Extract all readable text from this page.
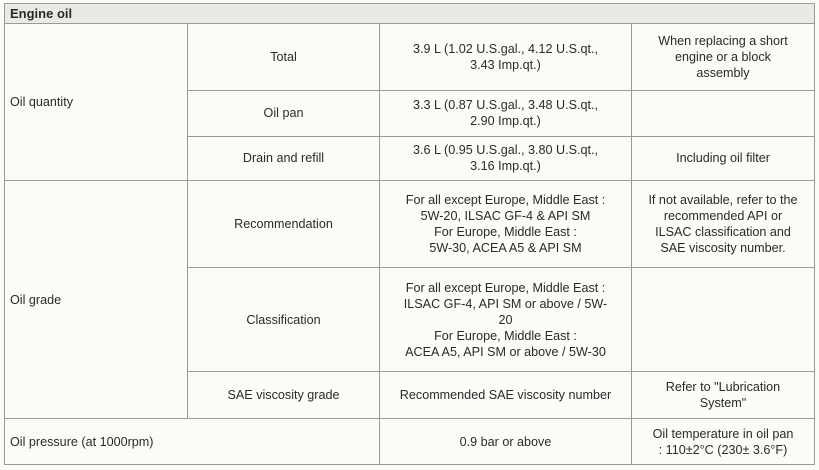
Engine oil			
Oil quantity	Total	3.9 L (1.02 U.S.gal., 4.12 U.S.qt.,
3.43 Imp.qt.)	When replacing a short
engine or a block
assembly

	Oil pan	3.3 L (0.87 U.S.gal., 3.48 U.S.qt.,
2.90 Imp.qt.)	

	Drain and refill	3.6 L (0.95 U.S.gal., 3.80 U.S.qt.,
3.16 Imp.qt.)	Including oil filter

Oil grade	Recommendation	For all except Europe, Middle East :
5W-20, ILSAC GF-4 & API SM
For Europe, Middle East :
5W-30, ACEA A5 & API SM	If not available, refer to the
recommended API or
ILSAC classification and
SAE viscosity number.

	Classification	For all except Europe, Middle East :
ILSAC GF-4, API SM or above / 5W-
20
For Europe, Middle East :
ACEA A5, API SM or above / 5W-30	

	SAE viscosity grade	Recommended SAE viscosity number	Refer to "Lubrication
System"

Oil pressure (at 1000rpm)		0.9 bar or above	Oil temperature in oil pan
: 110±2°C (230± 3.6°F)
